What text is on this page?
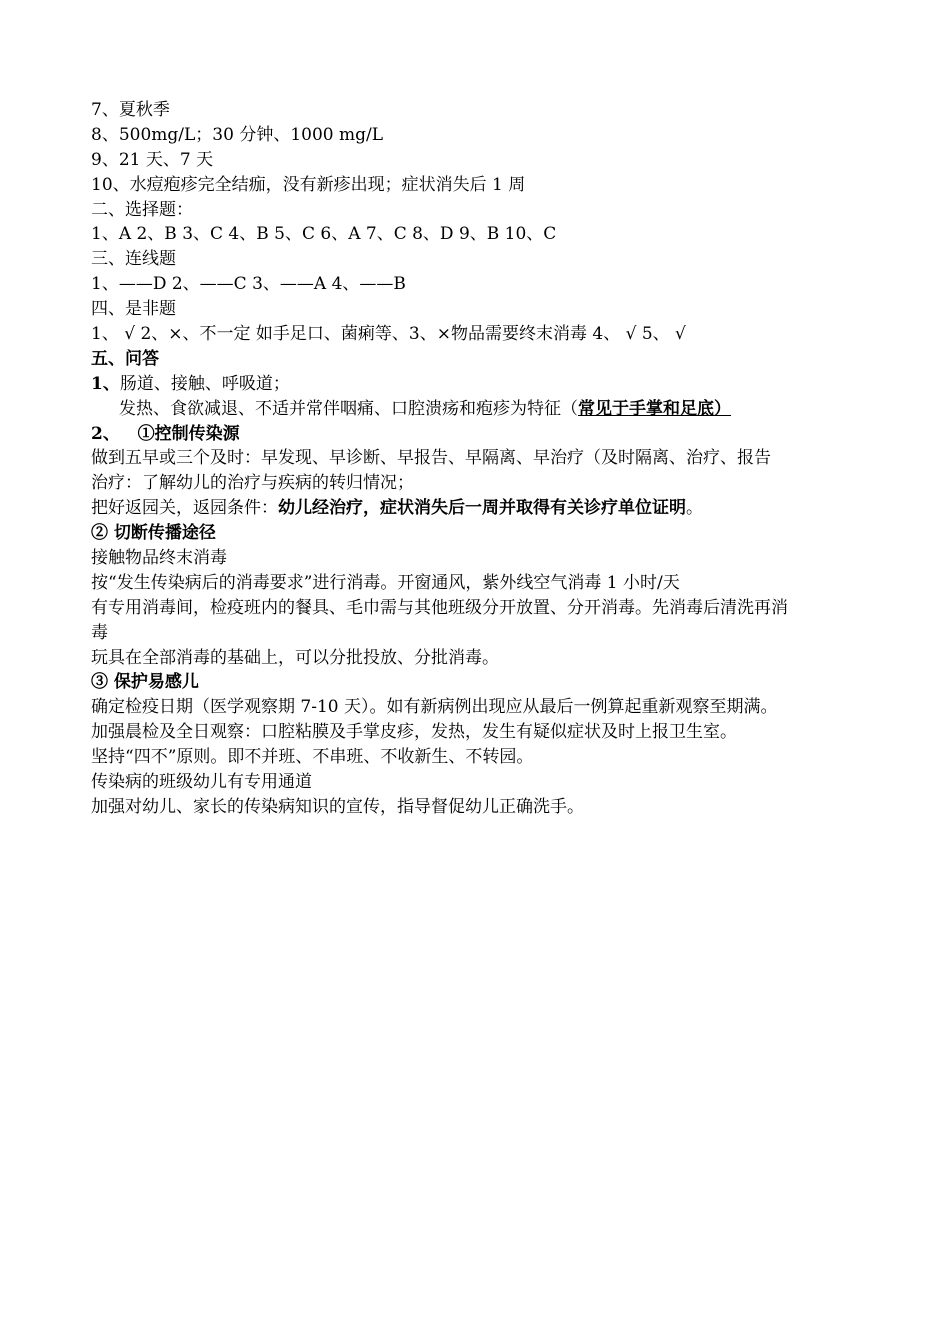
7、夏秋季
8、500mg/L；30 分钟、1000 mg/L
9、21 天、7 天
10、水痘疱疹完全结痂，没有新疹出现；症状消失后 1 周
二、选择题：
1、A 2、B 3、C 4、B 5、C 6、A 7、C 8、D 9、B 10、C
三、连线题
1、——D 2、——C 3、——A 4、——B
四、是非题
1、 √ 2、×、不一定 如手足口、菌痢等、3、×物品需要终末消毒 4、 √ 5、 √
五、问答
1、肠道、接触、呼吸道；
发热、食欲减退、不适并常伴咽痛、口腔溃疡和疱疹为特征（常见于手掌和足底）
2、 ①控制传染源
做到五早或三个及时：早发现、早诊断、早报告、早隔离、早治疗（及时隔离、治疗、报告
治疗：了解幼儿的治疗与疾病的转归情况；
把好返园关，返园条件：幼儿经治疗，症状消失后一周并取得有关诊疗单位证明。
② 切断传播途径
接触物品终末消毒
按“发生传染病后的消毒要求”进行消毒。开窗通风，紫外线空气消毒 1 小时/天
有专用消毒间，检疫班内的餐具、毛巾需与其他班级分开放置、分开消毒。先消毒后清洗再消
毒
玩具在全部消毒的基础上，可以分批投放、分批消毒。
③ 保护易感儿
确定检疫日期（医学观察期 7-10 天）。如有新病例出现应从最后一例算起重新观察至期满。
加强晨检及全日观察：口腔粘膜及手掌皮疹，发热，发生有疑似症状及时上报卫生室。
坚持“四不”原则。即不并班、不串班、不收新生、不转园。
传染病的班级幼儿有专用通道
加强对幼儿、家长的传染病知识的宣传，指导督促幼儿正确洗手。
